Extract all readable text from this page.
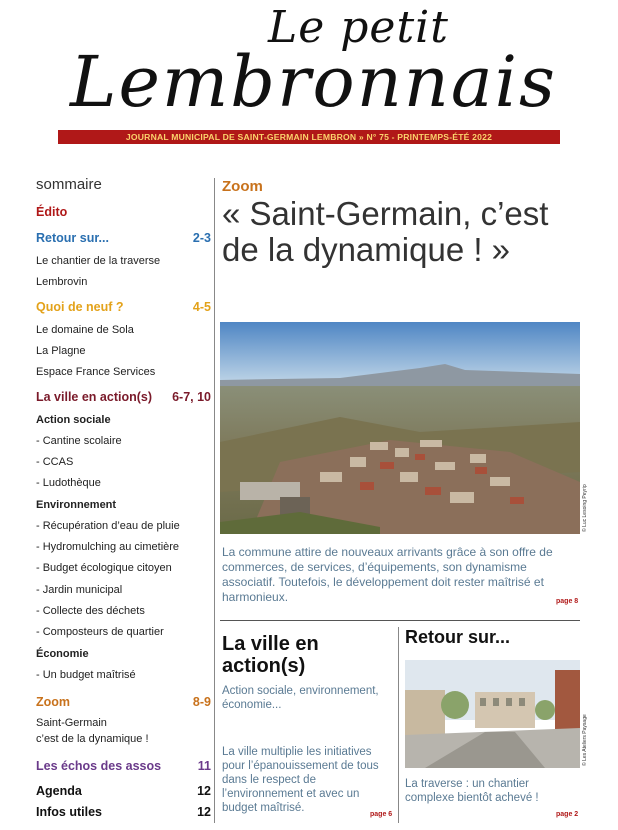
Le petit
Lembronnais
JOURNAL MUNICIPAL DE SAINT-GERMAIN LEMBRON » N° 75 - PRINTEMPS-ÉTÉ 2022
sommaire
Édito
Retour sur...	2-3
Le chantier de la traverse
Lembrovin
Quoi de neuf ?	4-5
Le domaine de Sola
La Plagne
Espace France Services
La ville en action(s) 6-7, 10
Action sociale
- Cantine scolaire
- CCAS
- Ludothèque
Environnement
- Récupération d’eau de pluie
- Hydromulching au cimetière
- Budget écologique citoyen
- Jardin municipal
- Collecte des déchets
- Composteurs de quartier
Économie
- Un budget maîtrisé
Zoom	8-9
Saint-Germain
c’est de la dynamique !
Les échos des assos	11
Agenda	12
Infos utiles	12
Zoom
« Saint-Germain, c’est de la dynamique ! »
© Luc Lesoing Peyrip
La commune attire de nouveaux arrivants grâce à son offre de commerces, de services, d’équipements, son dynamisme associatif. Toutefois, le développement doit rester maîtrisé et harmonieux.	page 8
La ville en action(s)
Action sociale, environnement, économie...
La ville multiplie les initiatives pour l’épanouissement de tous dans le respect de l’environnement et avec un budget maîtrisé.
page 6
Retour sur...
© Les Ateliers Paysage
La traverse : un chantier complexe bientôt achevé !
page 2
